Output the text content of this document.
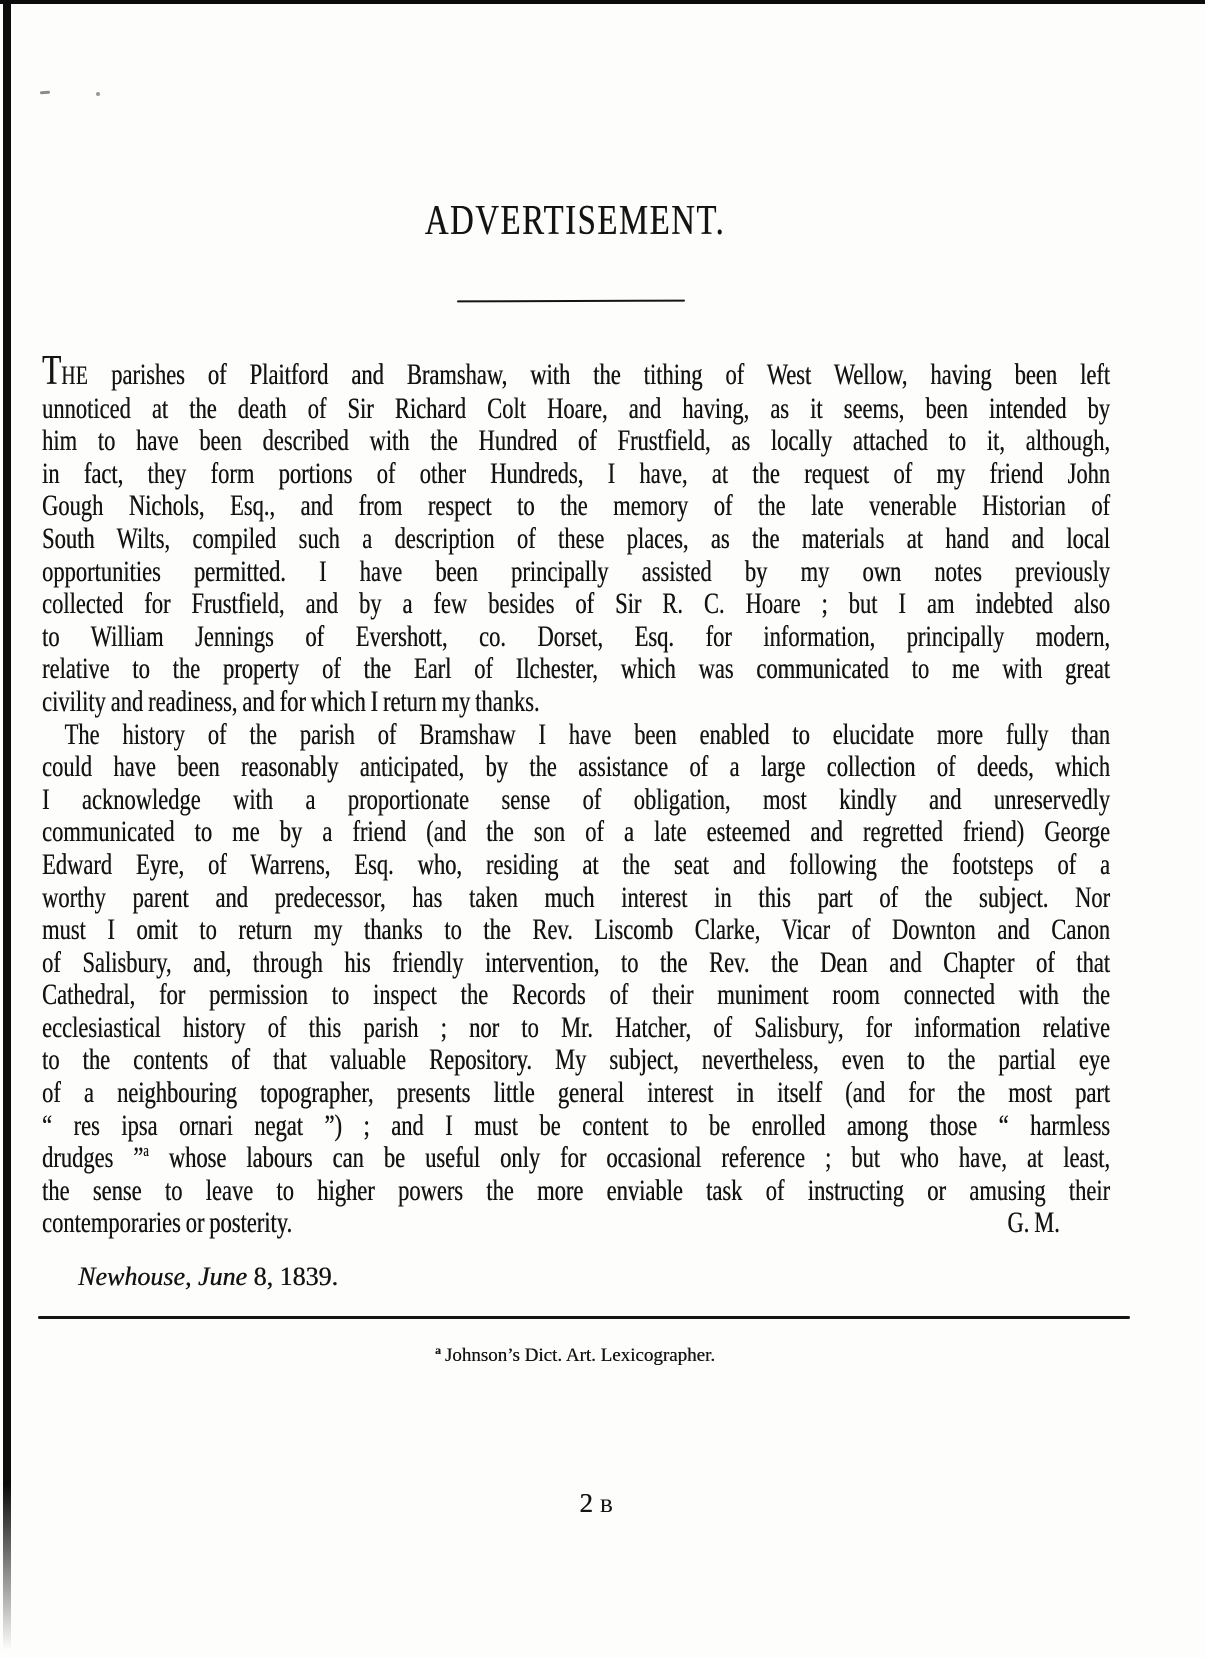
ADVERTISEMENT.
THE parishes of Plaitford and Bramshaw, with the tithing of West Wellow, having been left
unnoticed at the death of Sir Richard Colt Hoare, and having, as it seems, been intended by
him to have been described with the Hundred of Frustfield, as locally attached to it, although,
in fact, they form portions of other Hundreds, I have, at the request of my friend John
Gough Nichols, Esq., and from respect to the memory of the late venerable Historian of
South Wilts, compiled such a description of these places, as the materials at hand and local
opportunities permitted. I have been principally assisted by my own notes previously
collected for Frustfield, and by a few besides of Sir R. C. Hoare ; but I am indebted also
to William Jennings of Evershott, co. Dorset, Esq. for information, principally modern,
relative to the property of the Earl of Ilchester, which was communicated to me with great
civility and readiness, and for which I return my thanks.
The history of the parish of Bramshaw I have been enabled to elucidate more fully than
could have been reasonably anticipated, by the assistance of a large collection of deeds, which
I acknowledge with a proportionate sense of obligation, most kindly and unreservedly
communicated to me by a friend (and the son of a late esteemed and regretted friend) George
Edward Eyre, of Warrens, Esq. who, residing at the seat and following the footsteps of a
worthy parent and predecessor, has taken much interest in this part of the subject. Nor
must I omit to return my thanks to the Rev. Liscomb Clarke, Vicar of Downton and Canon
of Salisbury, and, through his friendly intervention, to the Rev. the Dean and Chapter of that
Cathedral, for permission to inspect the Records of their muniment room connected with the
ecclesiastical history of this parish ; nor to Mr. Hatcher, of Salisbury, for information relative
to the contents of that valuable Repository. My subject, nevertheless, even to the partial eye
of a neighbouring topographer, presents little general interest in itself (and for the most part
“ res ipsa ornari negat ”) ; and I must be content to be enrolled among those “ harmless
drudges ”$^a$ whose labours can be useful only for occasional reference ; but who have, at least,
the sense to leave to higher powers the more enviable task of instructing or amusing their
contemporaries or posterity.	G. M.
Newhouse, June 8, 1839.
$^a$ Johnson’s Dict. Art. Lexicographer.
2 B
